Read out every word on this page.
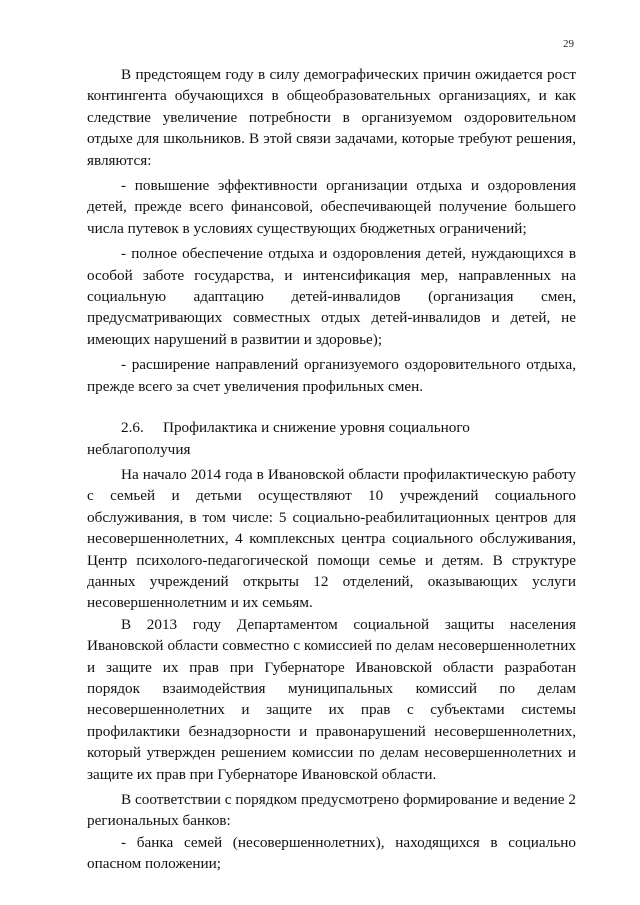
29

В предстоящем году в силу демографических причин ожидается рост контингента обучающихся в общеобразовательных организациях, и как следствие увеличение потребности в организуемом оздоровительном отдыхе для школьников. В этой связи задачами, которые требуют решения, являются:

- повышение эффективности организации отдыха и оздоровления детей, прежде всего финансовой, обеспечивающей получение большего числа путевок в условиях существующих бюджетных ограничений;

- полное обеспечение отдыха и оздоровления детей, нуждающихся в особой заботе государства, и интенсификация мер, направленных на социальную адаптацию детей-инвалидов (организация смен, предусматривающих совместных отдых детей-инвалидов и детей, не имеющих нарушений в развитии и здоровье);

- расширение направлений организуемого оздоровительного отдыха, прежде всего за счет увеличения профильных смен.

2.6. Профилактика и снижение уровня социального
неблагополучия

На начало 2014 года в Ивановской области профилактическую работу с семьей и детьми осуществляют 10 учреждений социального обслуживания, в том числе: 5 социально-реабилитационных центров для несовершеннолетних, 4 комплексных центра социального обслуживания, Центр психолого-педагогической помощи семье и детям. В структуре данных учреждений открыты 12 отделений, оказывающих услуги несовершеннолетним и их семьям.

В 2013 году Департаментом социальной защиты населения Ивановской области совместно с комиссией по делам несовершеннолетних и защите их прав при Губернаторе Ивановской области разработан порядок взаимодействия муниципальных комиссий по делам несовершеннолетних и защите их прав с субъектами системы профилактики безнадзорности и правонарушений несовершеннолетних, который утвержден решением комиссии по делам несовершеннолетних и защите их прав при Губернаторе Ивановской области.

В соответствии с порядком предусмотрено формирование и ведение 2 региональных банков:

- банка семей (несовершеннолетних), находящихся в социально опасном положении;
